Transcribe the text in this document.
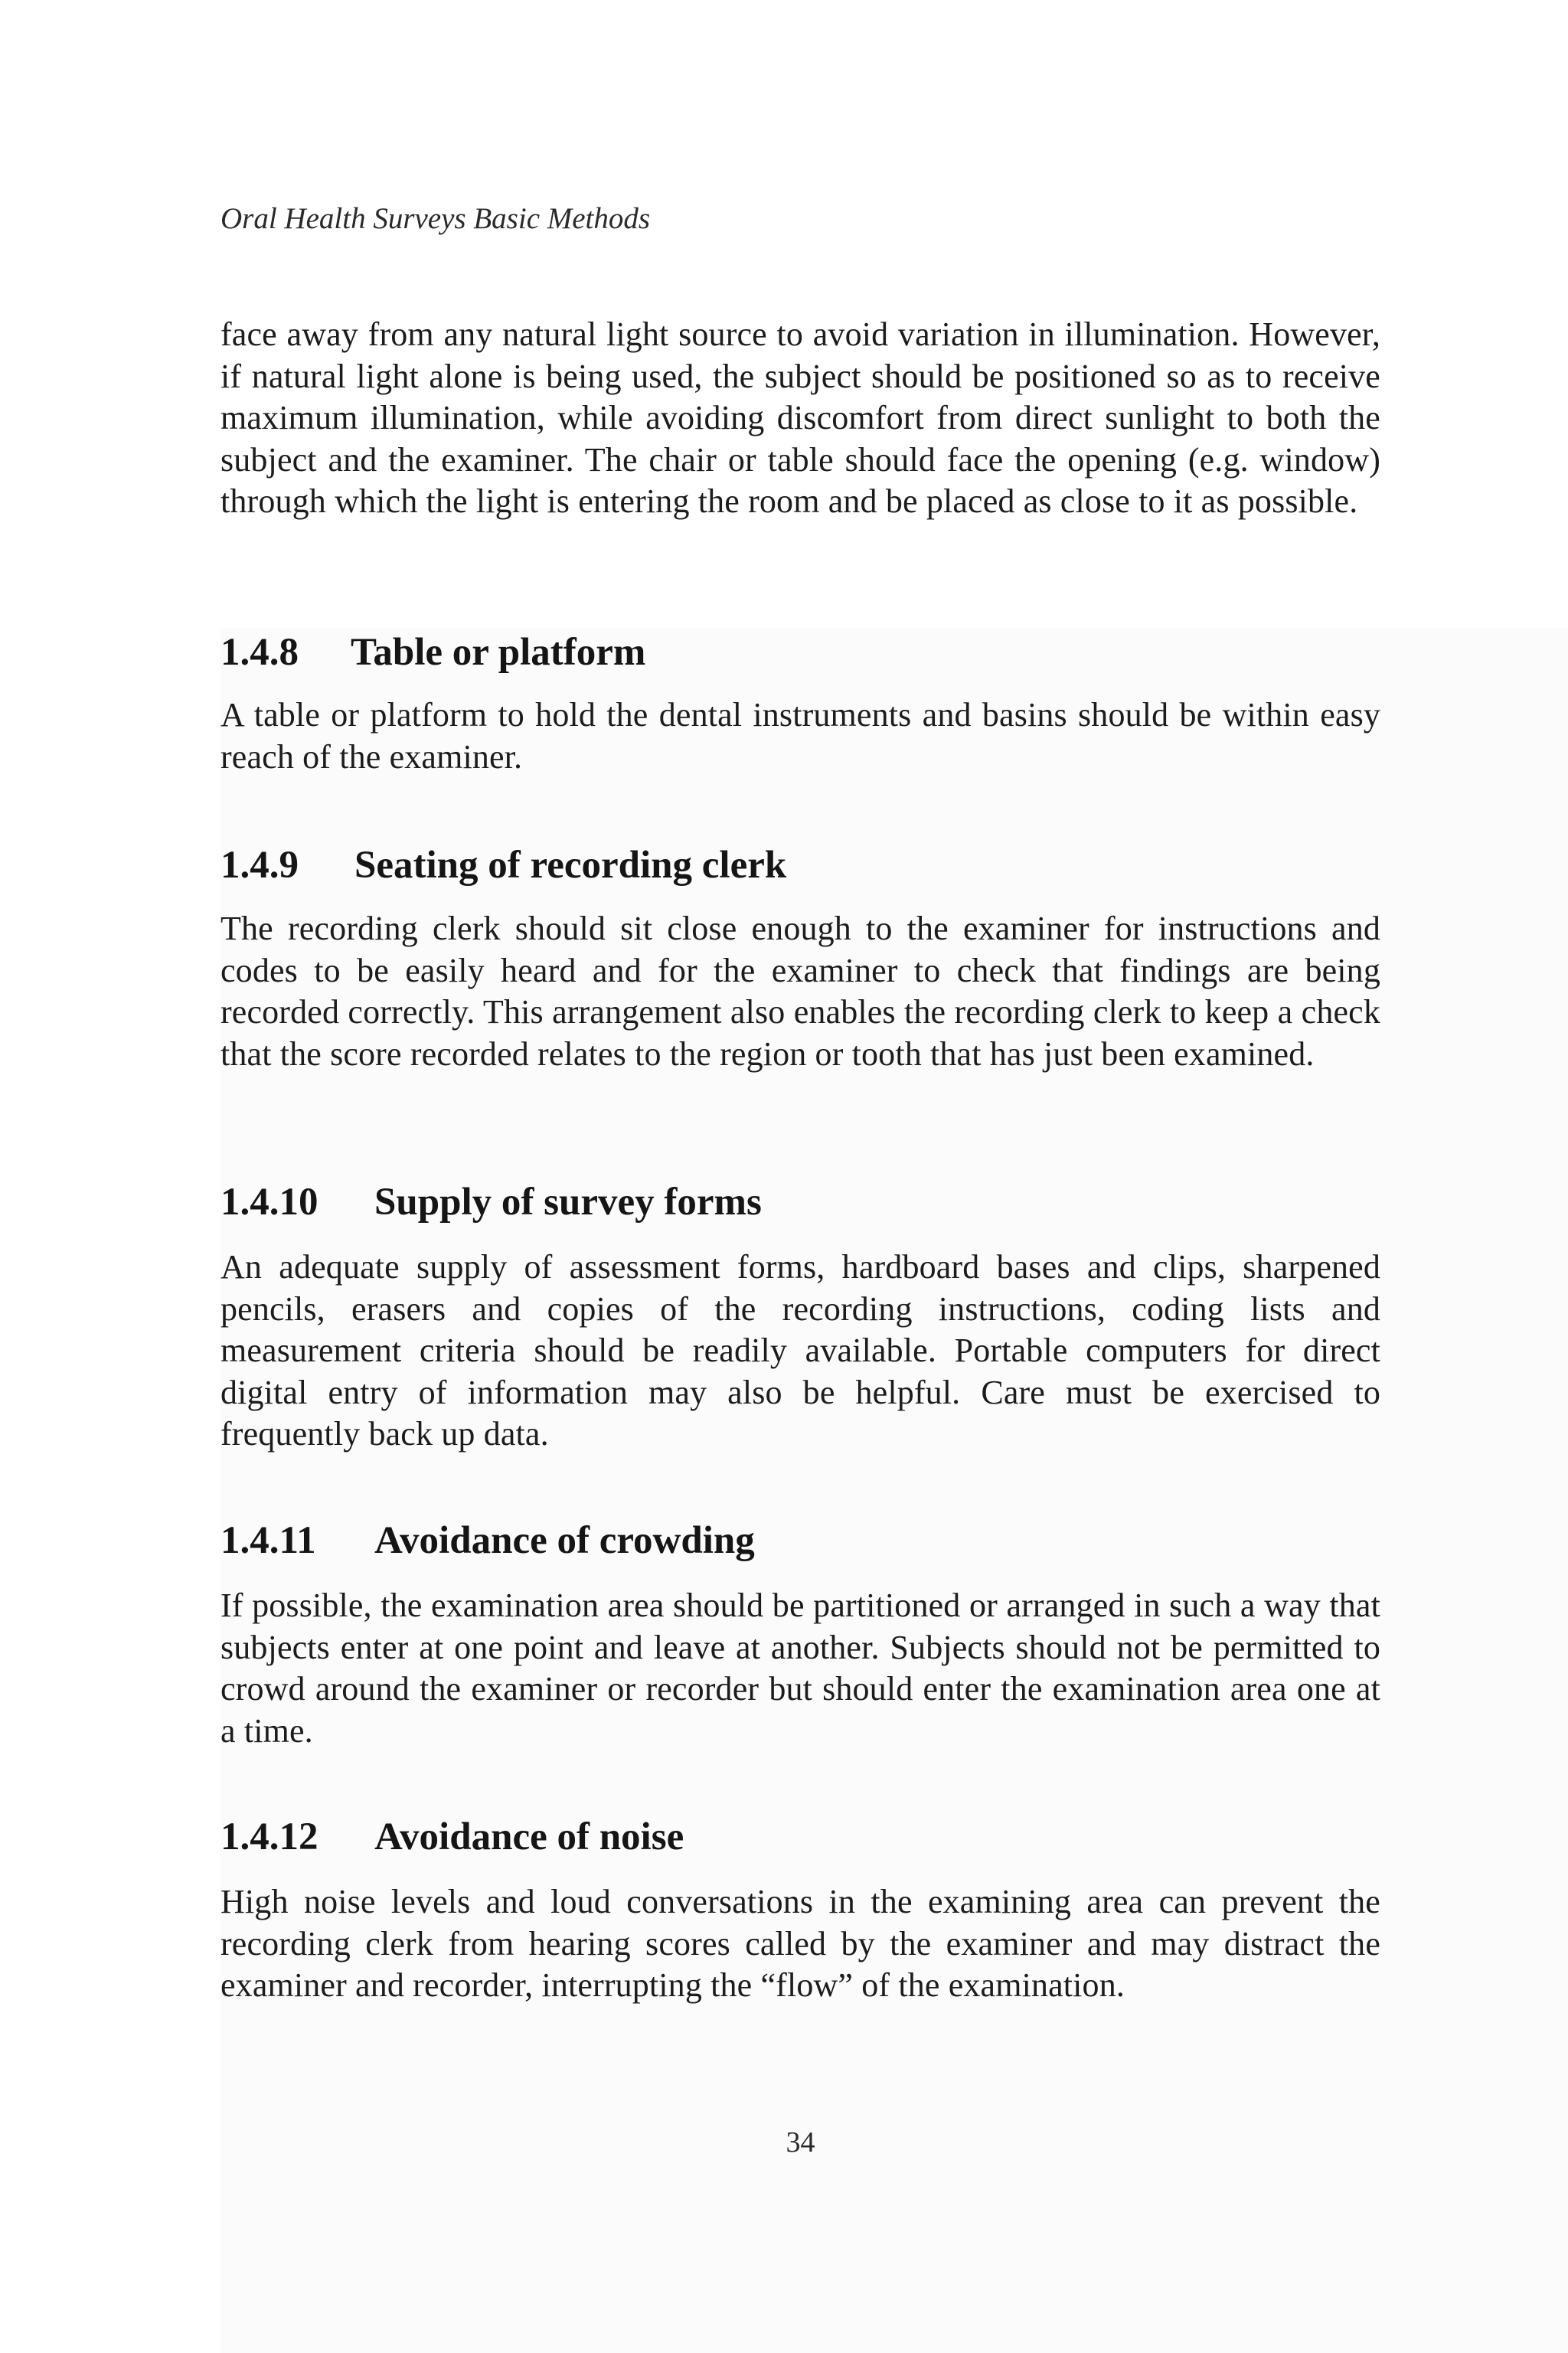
Oral Health Surveys Basic Methods

face away from any natural light source to avoid variation in illumination. However, if natural light alone is being used, the subject should be positioned so as to receive maximum illumination, while avoiding discomfort from direct sunlight to both the subject and the examiner. The chair or table should face the opening (e.g. window) through which the light is entering the room and be placed as close to it as possible.

1.4.8 Table or platform

A table or platform to hold the dental instruments and basins should be within easy reach of the examiner.

1.4.9 Seating of recording clerk

The recording clerk should sit close enough to the examiner for instructions and codes to be easily heard and for the examiner to check that findings are being recorded correctly. This arrangement also enables the recording clerk to keep a check that the score recorded relates to the region or tooth that has just been examined.

1.4.10 Supply of survey forms

An adequate supply of assessment forms, hardboard bases and clips, sharpened pencils, erasers and copies of the recording instructions, coding lists and measurement criteria should be readily available. Portable computers for direct digital entry of information may also be helpful. Care must be exercised to frequently back up data.

1.4.11 Avoidance of crowding

If possible, the examination area should be partitioned or arranged in such a way that subjects enter at one point and leave at another. Subjects should not be permitted to crowd around the examiner or recorder but should enter the examination area one at a time.

1.4.12 Avoidance of noise

High noise levels and loud conversations in the examining area can prevent the recording clerk from hearing scores called by the examiner and may distract the examiner and recorder, interrupting the “flow” of the examination.

34
